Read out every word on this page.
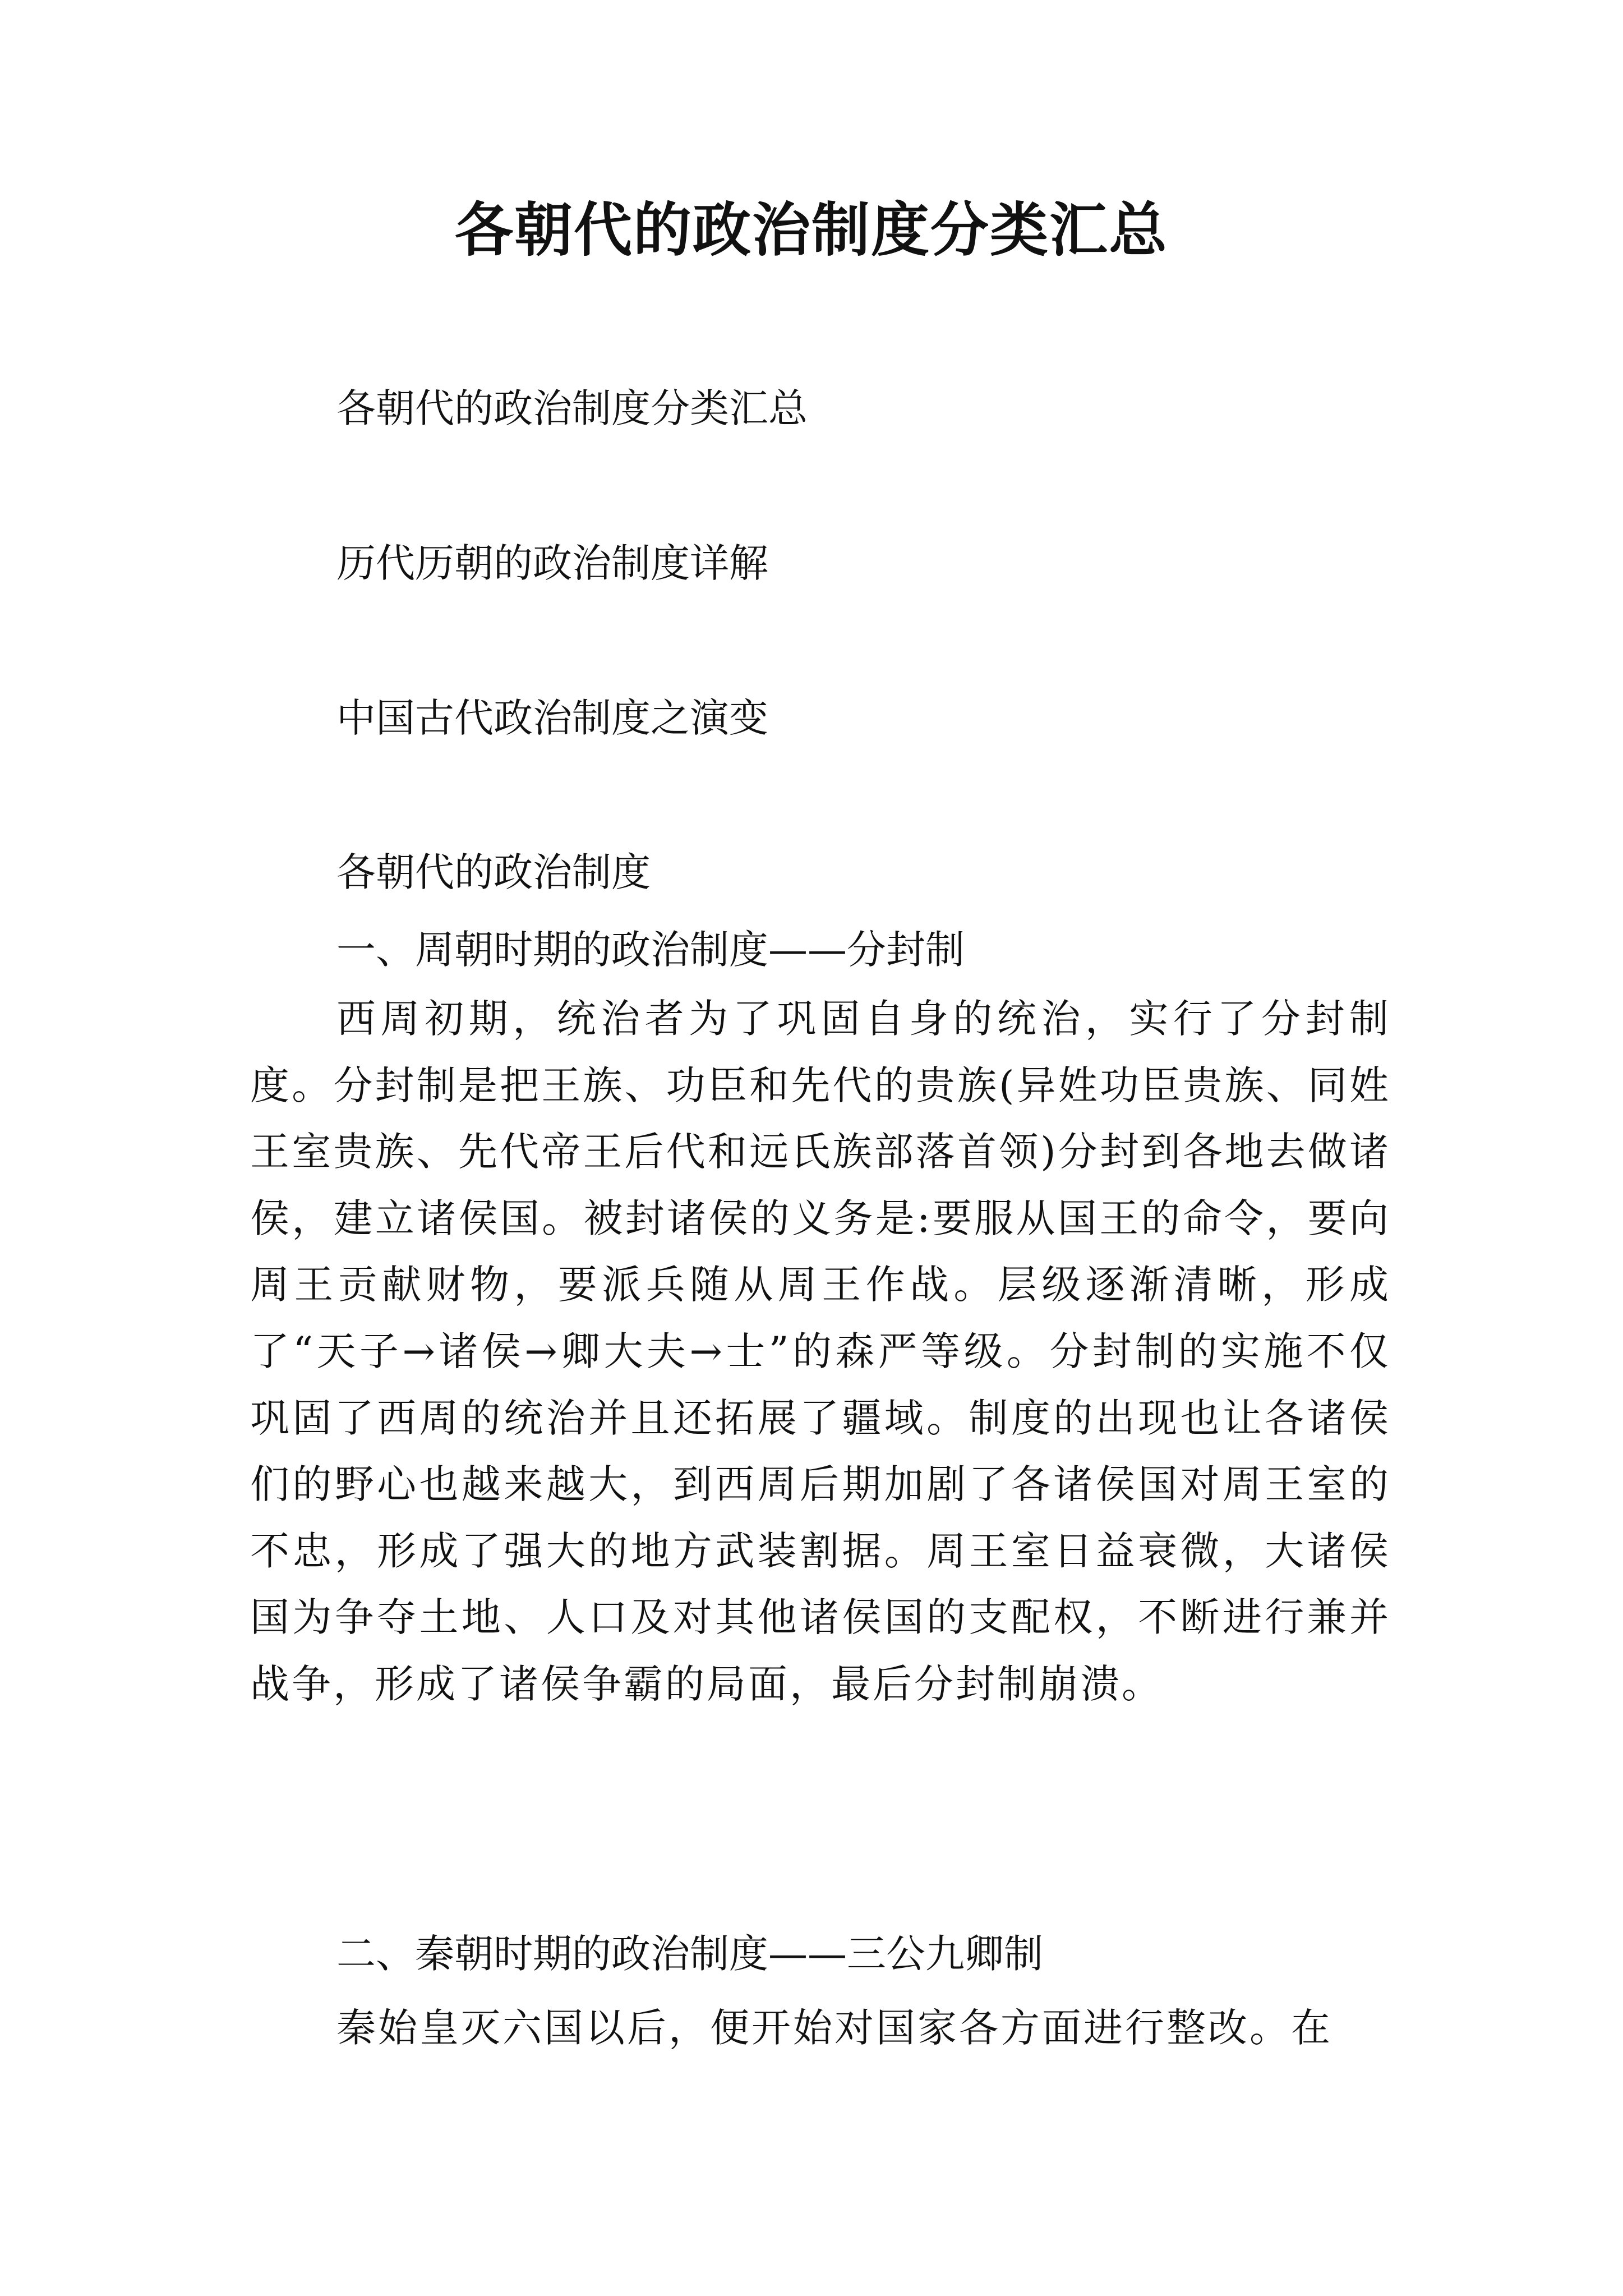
各朝代的政治制度分类汇总
各朝代的政治制度分类汇总
历代历朝的政治制度详解
中国古代政治制度之演变
各朝代的政治制度
一、周朝时期的政治制度——分封制
西周初期，统治者为了巩固自身的统治，实行了分封制度。分封制是把王族、功臣和先代的贵族(异姓功臣贵族、同姓王室贵族、先代帝王后代和远氏族部落首领)分封到各地去做诸侯，建立诸侯国。被封诸侯的义务是:要服从国王的命令，要向周王贡献财物，要派兵随从周王作战。层级逐渐清晰，形成了“天子→诸侯→卿大夫→士”的森严等级。分封制的实施不仅巩固了西周的统治并且还拓展了疆域。制度的出现也让各诸侯们的野心也越来越大，到西周后期加剧了各诸侯国对周王室的不忠，形成了强大的地方武装割据。周王室日益衰微，大诸侯国为争夺土地、人口及对其他诸侯国的支配权，不断进行兼并战争，形成了诸侯争霸的局面，最后分封制崩溃。
二、秦朝时期的政治制度——三公九卿制
秦始皇灭六国以后，便开始对国家各方面进行整改。在
